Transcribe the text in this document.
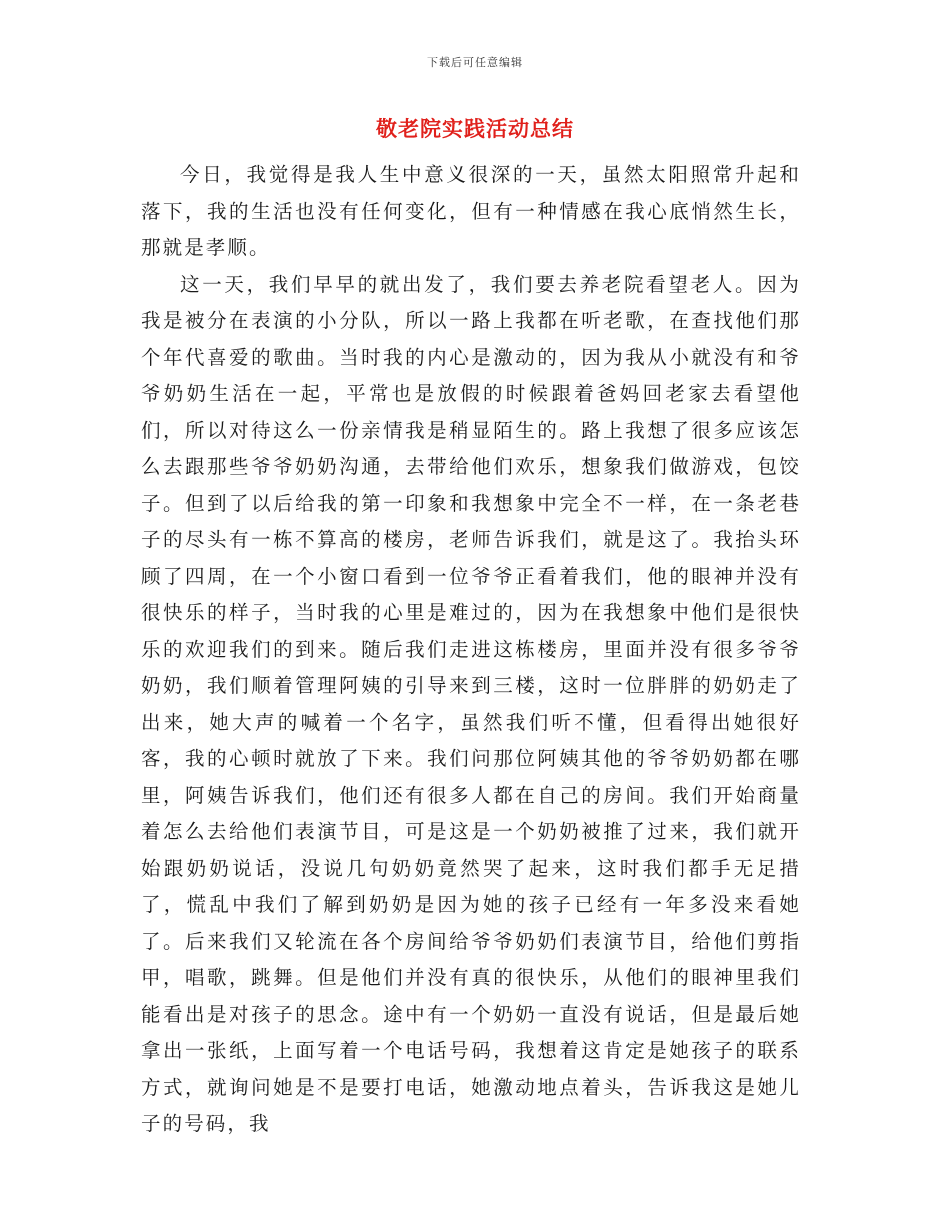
下载后可任意编辑
敬老院实践活动总结

今日，我觉得是我人生中意义很深的一天，虽然太阳照常升起和落下，我的生活也没有任何变化，但有一种情感在我心底悄然生长，那就是孝顺。

这一天，我们早早的就出发了，我们要去养老院看望老人。因为我是被分在表演的小分队，所以一路上我都在听老歌，在查找他们那个年代喜爱的歌曲。当时我的内心是激动的，因为我从小就没有和爷爷奶奶生活在一起，平常也是放假的时候跟着爸妈回老家去看望他们，所以对待这么一份亲情我是稍显陌生的。路上我想了很多应该怎么去跟那些爷爷奶奶沟通，去带给他们欢乐，想象我们做游戏，包饺子。但到了以后给我的第一印象和我想象中完全不一样，在一条老巷子的尽头有一栋不算高的楼房，老师告诉我们，就是这了。我抬头环顾了四周，在一个小窗口看到一位爷爷正看着我们，他的眼神并没有很快乐的样子，当时我的心里是难过的，因为在我想象中他们是很快乐的欢迎我们的到来。随后我们走进这栋楼房，里面并没有很多爷爷奶奶，我们顺着管理阿姨的引导来到三楼，这时一位胖胖的奶奶走了出来，她大声的喊着一个名字，虽然我们听不懂，但看得出她很好客，我的心顿时就放了下来。我们问那位阿姨其他的爷爷奶奶都在哪里，阿姨告诉我们，他们还有很多人都在自己的房间。我们开始商量着怎么去给他们表演节目，可是这是一个奶奶被推了过来，我们就开始跟奶奶说话，没说几句奶奶竟然哭了起来，这时我们都手无足措了，慌乱中我们了解到奶奶是因为她的孩子已经有一年多没来看她了。后来我们又轮流在各个房间给爷爷奶奶们表演节目，给他们剪指甲，唱歌，跳舞。但是他们并没有真的很快乐，从他们的眼神里我们能看出是对孩子的思念。途中有一个奶奶一直没有说话，但是最后她拿出一张纸，上面写着一个电话号码，我想着这肯定是她孩子的联系方式，就询问她是不是要打电话，她激动地点着头，告诉我这是她儿子的号码，我
